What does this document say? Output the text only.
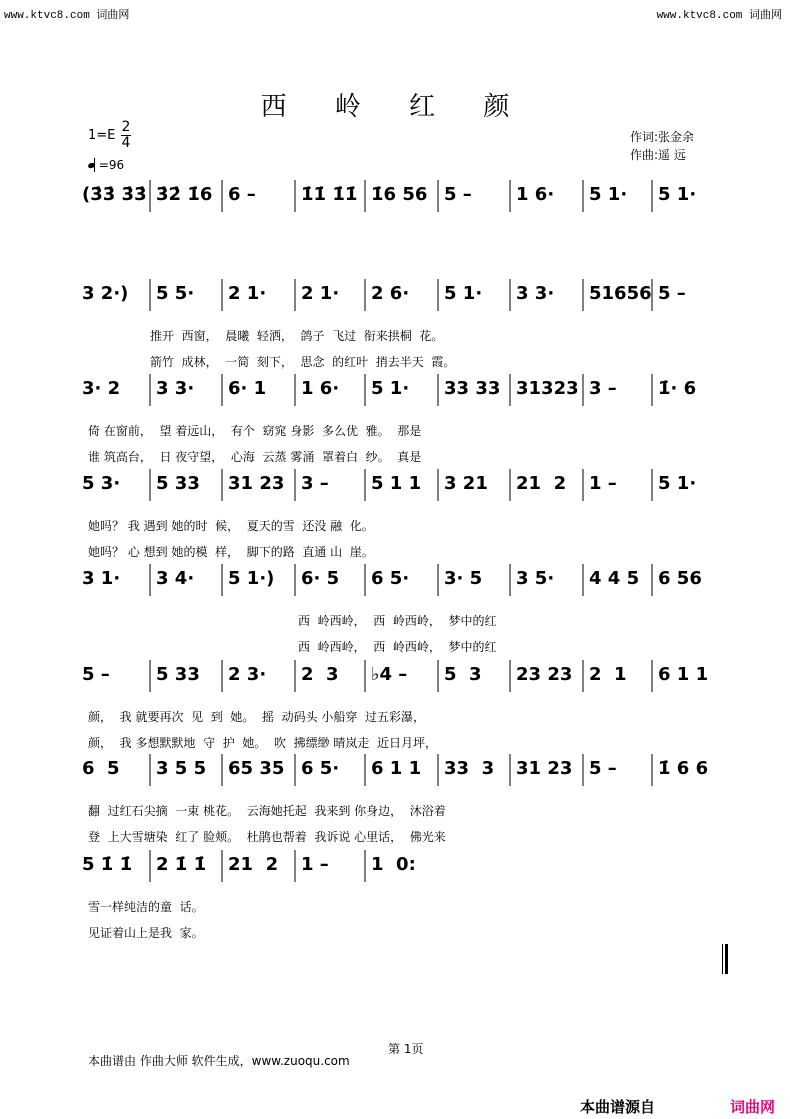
www.ktvc8.com 词曲网	www.ktvc8.com 词曲网
西 岭 红 颜
1=E
2
4
=96
作词:张金余
作曲:遥 远
(3̇3̇ 3̇3̇ 3̇2̇ 1̇6 6 –	1̇1̇ 1̇1̇ 1̇6 56 5 – 1 6· 5 1· 5 1·
3 2·) 5 5· 2 1· 2 1· 2 6· 5 1· 3 3· 51656 5 –
推开  西窗，  晨曦  轻洒，  鸽子  飞过  衔来拱桐  花。
箭竹  成林，  一简  刻下，  思念  的红叶  捎去半天  霞。
3· 2 3 3· 6· 1 1 6· 5 1· 33 33 31323 3 – 1̇· 6
倚 在窗前，  望 着远山，  有个  窈窕 身影  多么优  雅。  那是
谁 筑高台，  日 夜守望，  心海  云蒸 雾涌  罩着白  纱。  真是
5 3· 5 33 31 23 3 – 5 1 1 3 21 21  2 1 – 5 1·
她吗？ 我 遇到 她的时  候，  夏天的雪  还没 融  化。
她吗？ 心 想到 她的模  样，  脚下的路  直通 山  崖。
3 1· 3 4· 5 1·) 6· 5 6 5· 3· 5 3 5· 4 4 5 6 56
西  岭西岭，  西  岭西岭，  梦中的红
西  岭西岭，  西  岭西岭，  梦中的红
5 –	5 33 2 3· 2  3 ♭4 – 5  3 23 23 2  1 6 1 1
颜，  我 就要再次  见  到  她。  摇  动码头 小船穿  过五彩瀑，
颜，  我 多想默默地  守  护  她。  吹  拂缥缈 晴岚走  近日月坪，
6  5 3 5 5 65 35 6 5· 6 1 1 33  3 31 23 5 – 1̇ 6 6
翻  过红石尖摘  一束 桃花。  云海她托起  我来到 你身边，  沐浴着
登  上大雪塘染  红了 脸颊。  杜鹃也帮着  我诉说 心里话，  佛光来
5 1̇ 1̇ 2 1̇ 1̇ 21  2 1 – 1  0:
雪一样纯洁的童  话。
见证着山上是我  家。
第 1页
本曲谱由 作曲大师 软件生成，www.zuoqu.com
本曲谱源自	词曲网
